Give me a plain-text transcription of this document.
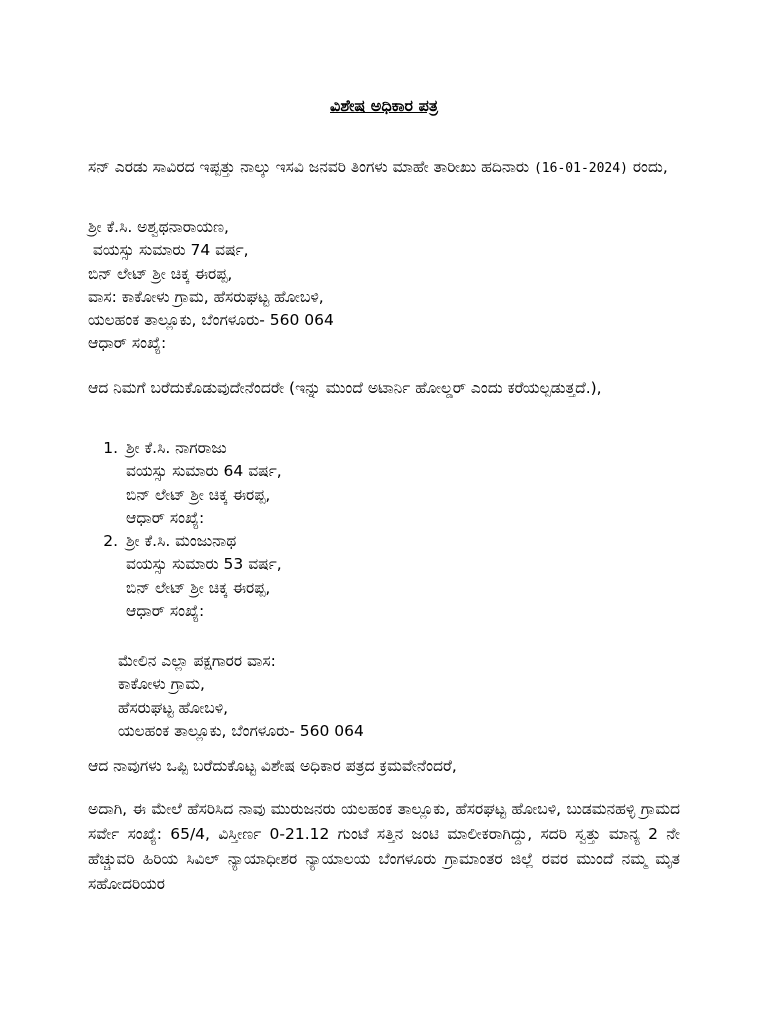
ವಿಶೇಷ ಅಧಿಕಾರ ಪತ್ರ
ಸನ್ ಎರಡು ಸಾವಿರದ ಇಪ್ಪತ್ತು ನಾಲ್ಕು ಇಸವಿ ಜನವರಿ ತಿಂಗಳು ಮಾಹೇ ತಾರೀಖು ಹದಿನಾರು (16-01-2024) ರಂದು,
ಶ್ರೀ ಕೆ.ಸಿ. ಅಶ್ವಥನಾರಾಯಣ,
ವಯಸ್ಸು ಸುಮಾರು 74 ವರ್ಷ,
ಬಿನ್ ಲೇಟ್ ಶ್ರೀ ಚಿಕ್ಕ ಈರಪ್ಪ,
ವಾಸ: ಕಾಕೋಳು ಗ್ರಾಮ, ಹೆಸರುಘಟ್ಟ ಹೋಬಳಿ,
ಯಲಹಂಕ ತಾಲ್ಲೂಕು, ಬೆಂಗಳೂರು- 560 064
ಆಧಾರ್ ಸಂಖ್ಯೆ:
ಆದ ನಿಮಗೆ ಬರೆದುಕೊಡುವುದೇನೆಂದರೇ (ಇನ್ನು ಮುಂದೆ ಅಟಾರ್ನಿ ಹೋಲ್ಡರ್ ಎಂದು ಕರೆಯಲ್ಪಡುತ್ತದೆ.),
1. ಶ್ರೀ ಕೆ.ಸಿ. ನಾಗರಾಜು
ವಯಸ್ಸು ಸುಮಾರು 64 ವರ್ಷ,
ಬಿನ್ ಲೇಟ್ ಶ್ರೀ ಚಿಕ್ಕ ಈರಪ್ಪ,
ಆಧಾರ್ ಸಂಖ್ಯೆ:
2. ಶ್ರೀ ಕೆ.ಸಿ. ಮಂಜುನಾಥ
ವಯಸ್ಸು ಸುಮಾರು 53 ವರ್ಷ,
ಬಿನ್ ಲೇಟ್ ಶ್ರೀ ಚಿಕ್ಕ ಈರಪ್ಪ,
ಆಧಾರ್ ಸಂಖ್ಯೆ:
ಮೇಲಿನ ಎಲ್ಲಾ ಪಕ್ಷಗಾರರ ವಾಸ:
ಕಾಕೋಳು ಗ್ರಾಮ,
ಹೆಸರುಘಟ್ಟ ಹೋಬಳಿ,
ಯಲಹಂಕ ತಾಲ್ಲೂಕು, ಬೆಂಗಳೂರು- 560 064
ಆದ ನಾವುಗಳು ಒಪ್ಪಿ ಬರೆದುಕೊಟ್ಟ ವಿಶೇಷ ಅಧಿಕಾರ ಪತ್ರದ ಕ್ರಮವೇನೆಂದರೆ,
ಅದಾಗಿ, ಈ ಮೇಲೆ ಹೆಸರಿಸಿದ ನಾವು ಮುರುಜನರು ಯಲಹಂಕ ತಾಲ್ಲೂಕು, ಹೆಸರಘಟ್ಟ ಹೋಬಳಿ, ಬುಡಮನಹಳ್ಳಿ ಗ್ರಾಮದ ಸರ್ವೇ ಸಂಖ್ಯೆ: 65/4, ವಿಸ್ತೀರ್ಣ 0-21.12 ಗುಂಟೆ ಸತ್ತಿನ ಜಂಟಿ ಮಾಲೀಕರಾಗಿದ್ದು, ಸದರಿ ಸ್ವತ್ತು ಮಾನ್ಯ 2 ನೇ ಹೆಚ್ಚುವರಿ ಹಿರಿಯ ಸಿವಿಲ್ ನ್ಯಾಯಾಧೀಶರ ನ್ಯಾಯಾಲಯ ಬೆಂಗಳೂರು ಗ್ರಾಮಾಂತರ ಜಿಲ್ಲೆ ರವರ ಮುಂದೆ ನಮ್ಮ ಮೃತ ಸಹೋದರಿಯರ
